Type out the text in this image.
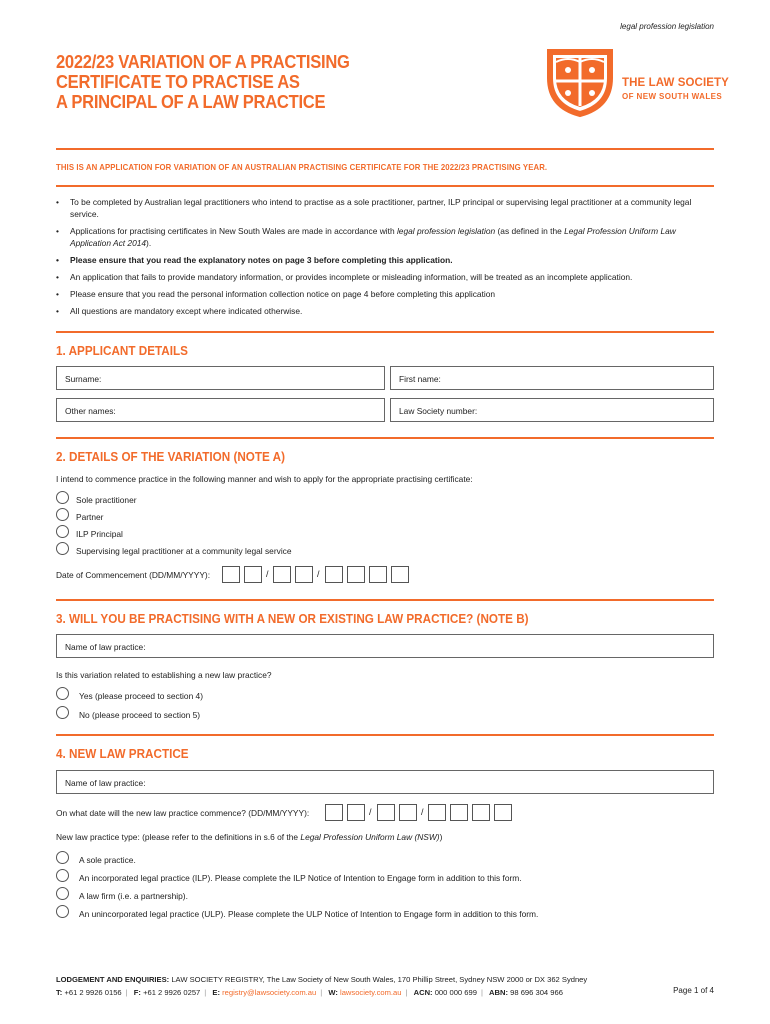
legal profession legislation
2022/23 VARIATION OF A PRACTISING
CERTIFICATE TO PRACTISE AS
A PRINCIPAL OF A LAW PRACTICE
THE LAW SOCIETY
OF NEW SOUTH WALES
THIS IS AN APPLICATION FOR VARIATION OF AN AUSTRALIAN PRACTISING CERTIFICATE FOR THE 2022/23 PRACTISING YEAR.
• To be completed by Australian legal practitioners who intend to practise as a sole practitioner, partner, ILP principal or supervising legal practitioner at a community legal service.
• Applications for practising certificates in New South Wales are made in accordance with legal profession legislation (as defined in the Legal Profession Uniform Law Application Act 2014).
• Please ensure that you read the explanatory notes on page 3 before completing this application.
• An application that fails to provide mandatory information, or provides incomplete or misleading information, will be treated as an incomplete application.
• Please ensure that you read the personal information collection notice on page 4 before completing this application
• All questions are mandatory except where indicated otherwise.
1. APPLICANT DETAILS
Surname:	First name:
Other names:	Law Society number:
2. DETAILS OF THE VARIATION (NOTE A)
I intend to commence practice in the following manner and wish to apply for the appropriate practising certificate:
Sole practitioner
Partner
ILP Principal
Supervising legal practitioner at a community legal service
Date of Commencement (DD/MM/YYYY):	/	/
3. WILL YOU BE PRACTISING WITH A NEW OR EXISTING LAW PRACTICE? (NOTE B)
Name of law practice:
Is this variation related to establishing a new law practice?
Yes (please proceed to section 4)
No (please proceed to section 5)
4. NEW LAW PRACTICE
Name of law practice:
On what date will the new law practice commence? (DD/MM/YYYY):	/	/
New law practice type: (please refer to the definitions in s.6 of the Legal Profession Uniform Law (NSW))
A sole practice.
An incorporated legal practice (ILP). Please complete the ILP Notice of Intention to Engage form in addition to this form.
A law firm (i.e. a partnership).
An unincorporated legal practice (ULP). Please complete the ULP Notice of Intention to Engage form in addition to this form.
LODGEMENT AND ENQUIRIES: LAW SOCIETY REGISTRY, The Law Society of New South Wales, 170 Phillip Street, Sydney NSW 2000 or DX 362 Sydney
T: +61 2 9926 0156 | F: +61 2 9926 0257 | E: registry@lawsociety.com.au | W: lawsociety.com.au | ACN: 000 000 699 | ABN: 98 696 304 966	Page 1 of 4
